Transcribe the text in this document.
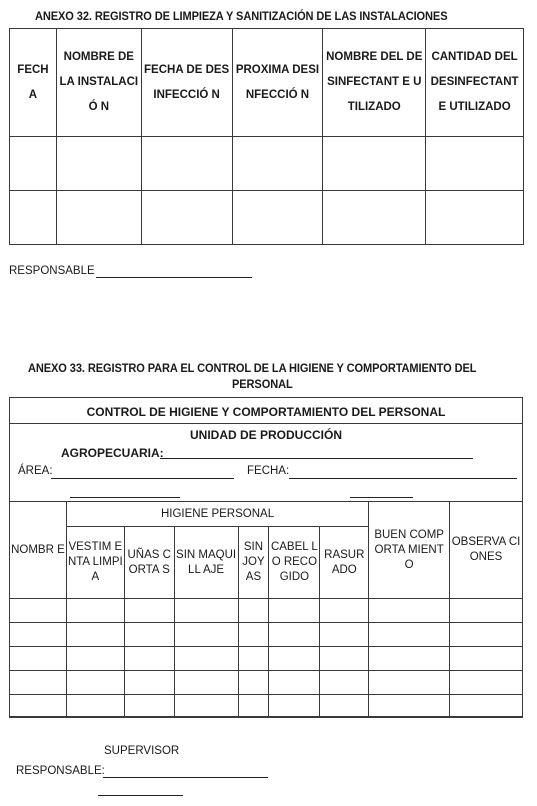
ANEXO 32. REGISTRO DE LIMPIEZA Y SANITIZACIÓN DE LAS INSTALACIONES
FECH A	NOMBRE DE LA INSTALACIÓ N	FECHA DE DESINFECCIÓ N	PROXIMA DESINFECCIÓ N	NOMBRE DEL DESINFECTANT E UTILIZADO	CANTIDAD DEL DESINFECTANT E UTILIZADO

RESPONSABLE
ANEXO 33. REGISTRO PARA EL CONTROL DE LA HIGIENE Y COMPORTAMIENTO DEL
PERSONAL
CONTROL DE HIGIENE Y COMPORTAMIENTO DEL PERSONAL
UNIDAD DE PRODUCCIÓN
AGROPECUARIA:
ÁREA:	FECHA:
NOMBR E	HIGIENE PERSONAL						BUEN COMPORTA MIENTO	OBSERVA CIONES
	VESTIM ENTA LIMPIA	UÑAS CORTA S	SIN MAQUILL AJE	SIN JOY AS	CABEL LO RECO GIDO	RASUR ADO		

SUPERVISOR
RESPONSABLE:
